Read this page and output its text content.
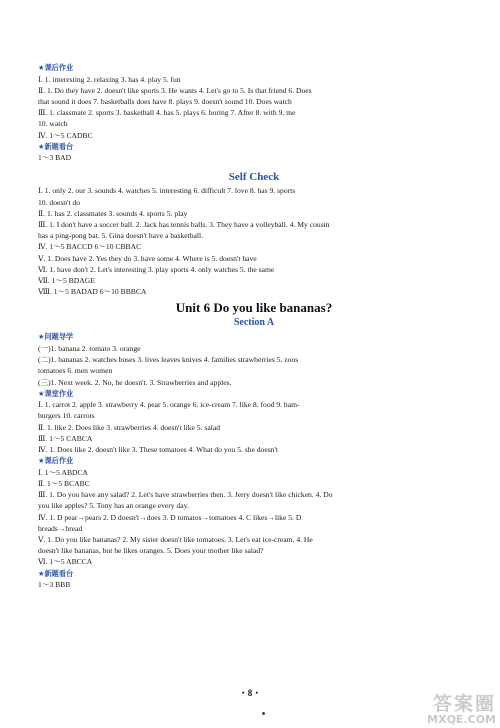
★课后作业
Ⅰ. 1. interesting 2. relaxing 3. has 4. play 5. fun
Ⅱ. 1. Do they have 2. doesn't like sports 3. He wants 4. Let's go to 5. Is that friend 6. Does
that sound it does 7. basketballs does have 8. plays 9. doesn't sound 10. Does watch
Ⅲ. 1. classmate 2. sports 3. basketball 4. has 5. plays 6. boring 7. After 8. with 9. me
10. watch
Ⅳ. 1～5 CADBC
★新题看台
1～3 BAD
Self Check
Ⅰ. 1. only 2. our 3. sounds 4. watches 5. interesting 6. difficult 7. love 8. has 9. sports
10. doesn't do
Ⅱ. 1. has 2. classmates 3. sounds 4. sports 5. play
Ⅲ. 1. I don't have a soccer ball. 2. Jack has tennis balls. 3. They have a volleyball. 4. My cousin
has a ping-pong bat. 5. Gina doesn't have a basketball.
Ⅳ. 1～5 BACCD 6～10 CBBAC
Ⅴ. 1. Does have 2. Yes they do 3. have some 4. Where is 5. doesn't have
Ⅵ. 1. have don't 2. Let's interesting 3. play sports 4. only watches 5. the same
Ⅶ. 1～5 BDAGE
Ⅷ. 1～5 BADAD 6～10 BBBCA
Unit 6 Do you like bananas?
Section A
★问题导学
(一)1. banana 2. tomato 3. orange
(二)1. bananas 2. watches buses 3. lives leaves knives 4. families strawberries 5. zoos
tomatoes 6. men women
(三)1. Next week. 2. No, he doesn't. 3. Strawberries and apples.
★课堂作业
Ⅰ. 1. carrot 2. apple 3. strawberry 4. pear 5. orange 6. ice-cream 7. like 8. food 9. ham-
burgers 10. carrots
Ⅱ. 1. like 2. Does like 3. strawberries 4. doesn't like 5. salad
Ⅲ. 1～5 CABCA
Ⅳ. 1. Does like 2. doesn't like 3. These tomatoes 4. What do you 5. she doesn't
★课后作业
Ⅰ. 1～5 ABDCA
Ⅱ. 1～5 BCABC
Ⅲ. 1. Do you have any salad? 2. Let's have strawberries then. 3. Jerry doesn't like chicken. 4. Do
you like apples? 5. Tony has an orange every day.
Ⅳ. 1. D pear→pears 2. D doesn't→does 3. D tomatos→tomatoes 4. C likes→like 5. D
breads→bread
Ⅴ. 1. Do you like bananas? 2. My sister doesn't like tomatoes. 3. Let's eat ice-cream. 4. He
doesn't like bananas, but he likes oranges. 5. Does your mother like salad?
Ⅵ. 1～5 ABCCA
★新题看台
1～3 BBB
・8・	答案圈
MXQE.COM
